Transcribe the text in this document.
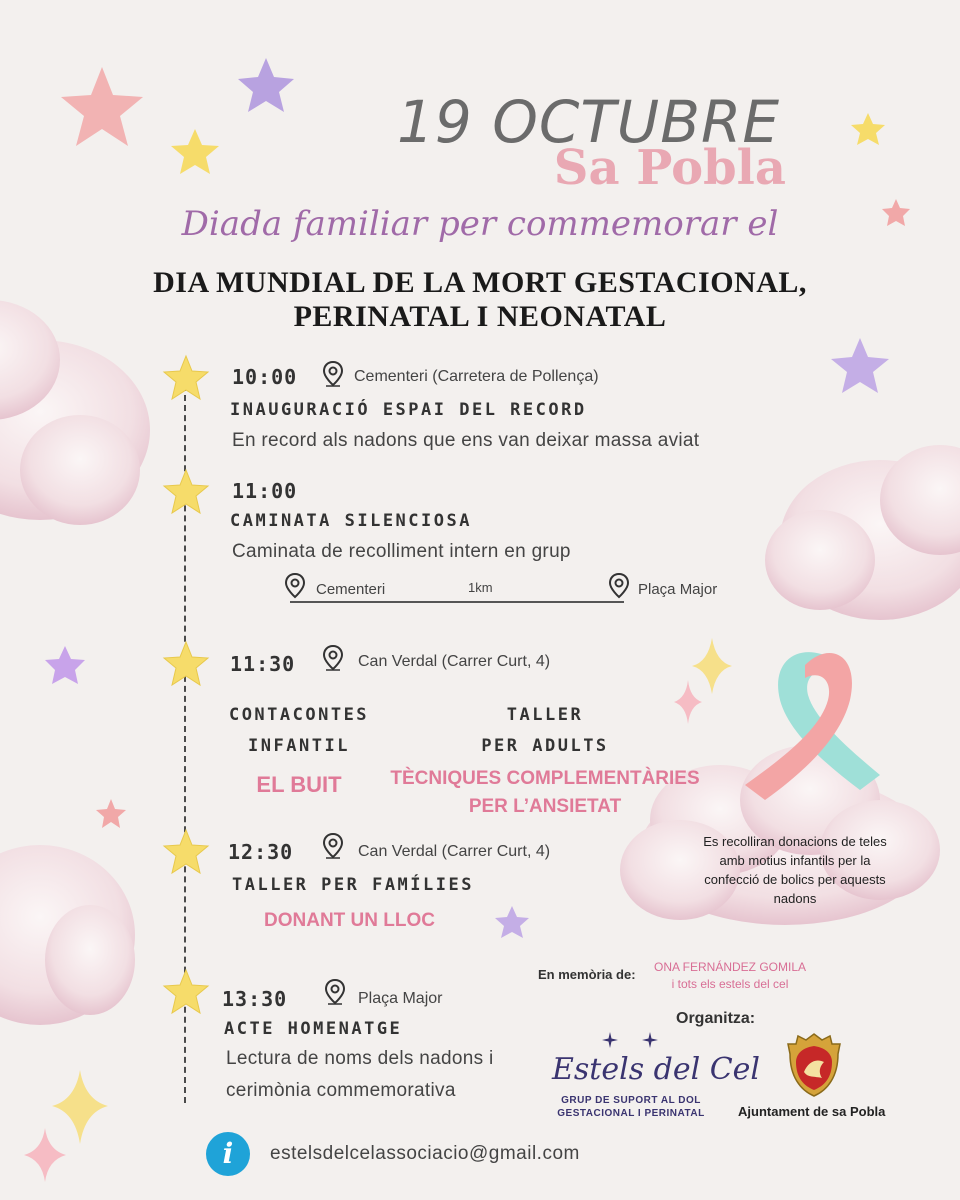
19 OCTUBRE
Sa Pobla
Diada familiar per commemorar el
DIA MUNDIAL DE LA MORT GESTACIONAL,
PERINATAL I NEONATAL
10:00	Cementeri (Carretera de Pollença)
INAUGURACIÓ ESPAI DEL RECORD
En record als nadons que ens van deixar massa aviat
11:00
CAMINATA SILENCIOSA
Caminata de recolliment intern en grup
Cementeri	1km	Plaça Major
11:30	Can Verdal (Carrer Curt, 4)
CONTACONTES
INFANTIL
EL BUIT
TALLER
PER ADULTS
TÈCNIQUES COMPLEMENTÀRIES
PER L’ANSIETAT
12:30	Can Verdal (Carrer Curt, 4)
TALLER PER FAMÍLIES
DONANT UN LLOC
13:30	Plaça Major
ACTE HOMENATGE
Lectura de noms dels nadons i
cerimònia commemorativa
Es recolliran donacions de teles
amb motius infantils per la
confecció de bolics per aquests
nadons
En memòria de:	ONA FERNÁNDEZ GOMILA
i tots els estels del cel
Organitza:
Estels del Cel
GRUP DE SUPORT AL DOL
GESTACIONAL I PERINATAL	Ajuntament de sa Pobla
i	estelsdelcelassociacio@gmail.com
